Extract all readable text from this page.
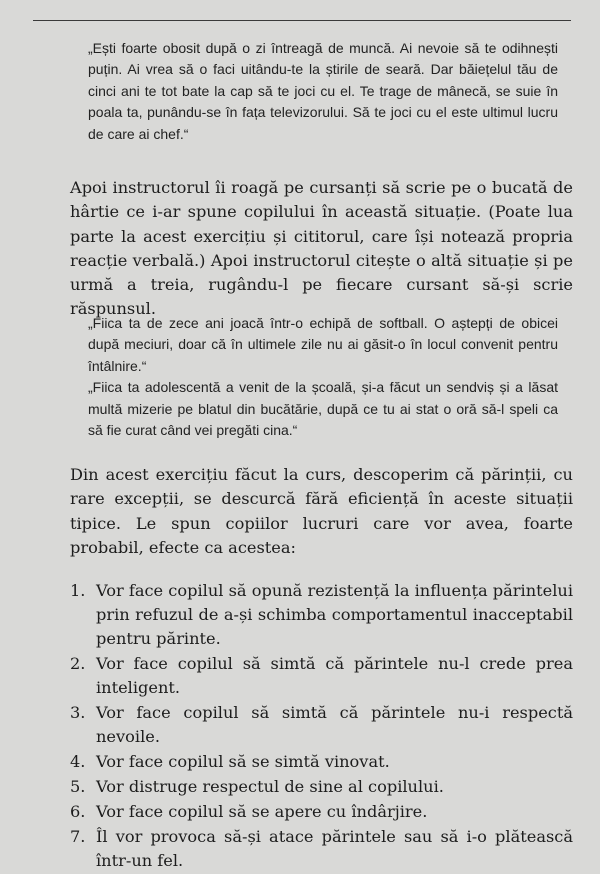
„Ești foarte obosit după o zi întreagă de muncă. Ai nevoie să te odihnești puțin. Ai vrea să o faci uitându-te la știrile de seară. Dar băiețelul tău de cinci ani te tot bate la cap să te joci cu el. Te trage de mânecă, se suie în poala ta, punându-se în fața televizorului. Să te joci cu el este ultimul lucru de care ai chef.“

Apoi instructorul îi roagă pe cursanți să scrie pe o bucată de hârtie ce i-ar spune copilului în această situație. (Poate lua parte la acest exercițiu și cititorul, care își notează propria reacție verbală.) Apoi instructorul citește o altă situație și pe urmă a treia, rugându-l pe fiecare cursant să-și scrie răspunsul.

„Fiica ta de zece ani joacă într-o echipă de softball. O aștepți de obicei după meciuri, doar că în ultimele zile nu ai găsit-o în locul convenit pentru întâlnire.“

„Fiica ta adolescentă a venit de la școală, și-a făcut un sendviș și a lăsat multă mizerie pe blatul din bucătărie, după ce tu ai stat o oră să-l speli ca să fie curat când vei pregăti cina.“

Din acest exercițiu făcut la curs, descoperim că părinții, cu rare excepții, se descurcă fără eficiență în aceste situații tipice. Le spun copiilor lucruri care vor avea, foarte probabil, efecte ca acestea:

1. Vor face copilul să opună rezistență la influența părintelui prin refuzul de a-și schimba comportamentul inacceptabil pentru părinte.
2. Vor face copilul să simtă că părintele nu-l crede prea inteligent.
3. Vor face copilul să simtă că părintele nu-i respectă nevoile.
4. Vor face copilul să se simtă vinovat.
5. Vor distruge respectul de sine al copilului.
6. Vor face copilul să se apere cu îndârjire.
7. Îl vor provoca să-și atace părintele sau să i-o plătească într-un fel.
